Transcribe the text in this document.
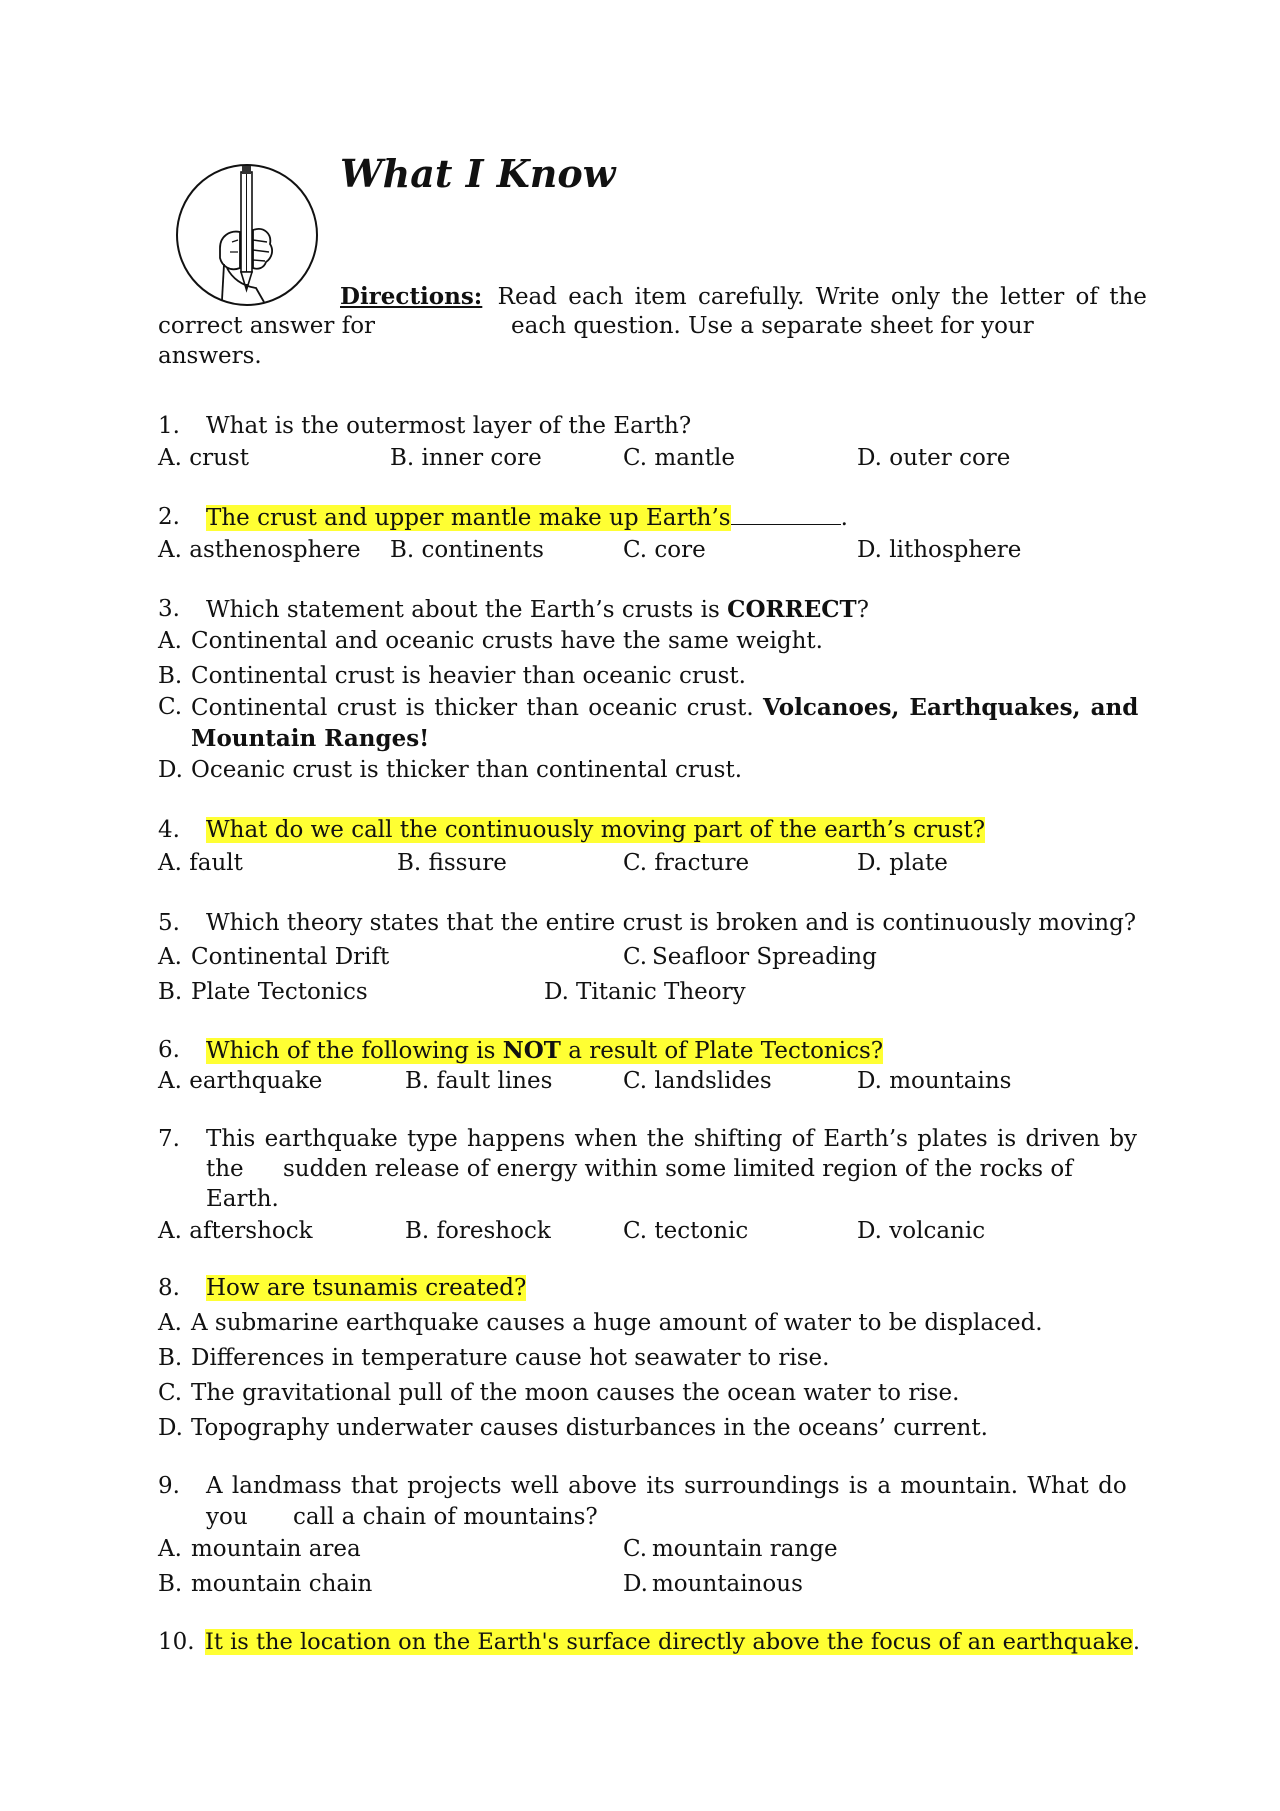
What I Know
Directions: Read each item carefully. Write only the letter of the
correct answer for	each question. Use a separate sheet for your
answers.
1. What is the outermost layer of the Earth?
A. crust	B. inner core	C. mantle	D. outer core
2. The crust and upper mantle make up Earth’s	.
A. asthenosphere B. continents	C. core	D. lithosphere
3. Which statement about the Earth’s crusts is CORRECT?
A. Continental and oceanic crusts have the same weight.
B. Continental crust is heavier than oceanic crust.
C. Continental crust is thicker than oceanic crust. Volcanoes, Earthquakes, and
Mountain Ranges!
D. Oceanic crust is thicker than continental crust.
4. What do we call the continuously moving part of the earth’s crust?
A. fault	B. fissure	C. fracture	D. plate
5. Which theory states that the entire crust is broken and is continuously moving?
A. Continental Drift	C. Seafloor Spreading
B. Plate Tectonics	D. Titanic Theory
6. Which of the following is NOT a result of Plate Tectonics?
A. earthquake	B. fault lines	C. landslides	D. mountains
7. This earthquake type happens when the shifting of Earth’s plates is driven by
the sudden release of energy within some limited region of the rocks of
Earth.
A. aftershock	B. foreshock	C. tectonic	D. volcanic
8. How are tsunamis created?
A. A submarine earthquake causes a huge amount of water to be displaced.
B. Differences in temperature cause hot seawater to rise.
C. The gravitational pull of the moon causes the ocean water to rise.
D. Topography underwater causes disturbances in the oceans’ current.
9. A landmass that projects well above its surroundings is a mountain. What do
you call a chain of mountains?
A. mountain area	C. mountain range
B. mountain chain	D. mountainous
10. It is the location on the Earth's surface directly above the focus of an earthquake.
